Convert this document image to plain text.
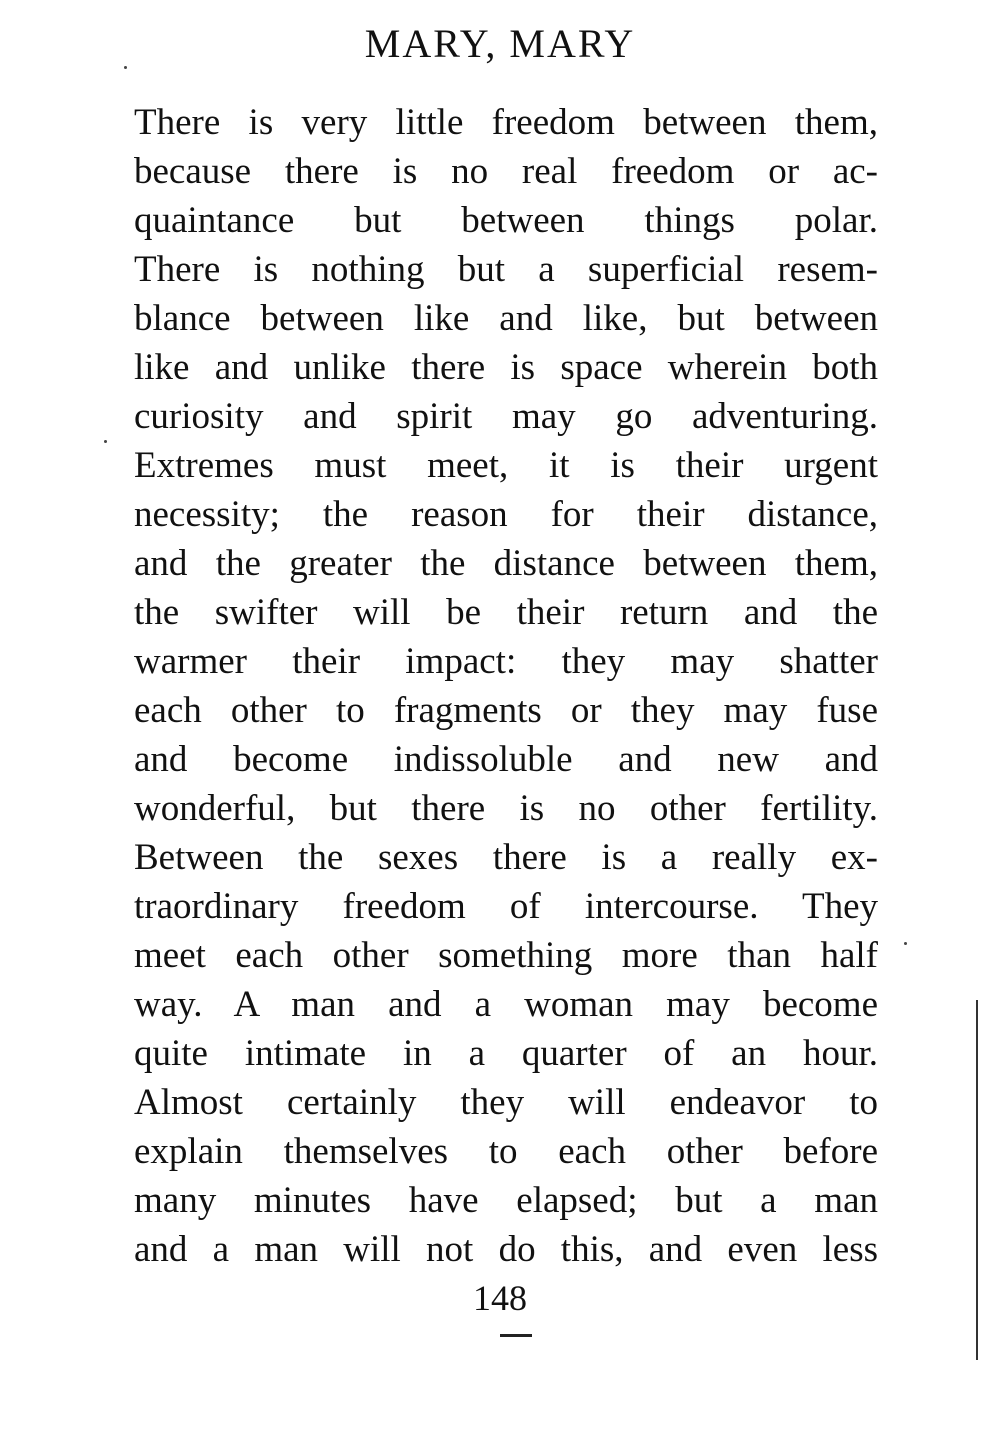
MARY, MARY
There is very little freedom between them,
because there is no real freedom or ac-
quaintance but between things polar.
There is nothing but a superficial resem-
blance between like and like, but between
like and unlike there is space wherein both
curiosity and spirit may go adventuring.
Extremes must meet, it is their urgent
necessity; the reason for their distance,
and the greater the distance between them,
the swifter will be their return and the
warmer their impact: they may shatter
each other to fragments or they may fuse
and become indissoluble and new and
wonderful, but there is no other fertility.
Between the sexes there is a really ex-
traordinary freedom of intercourse. They
meet each other something more than half
way. A man and a woman may become
quite intimate in a quarter of an hour.
Almost certainly they will endeavor to
explain themselves to each other before
many minutes have elapsed; but a man
and a man will not do this, and even less
148
